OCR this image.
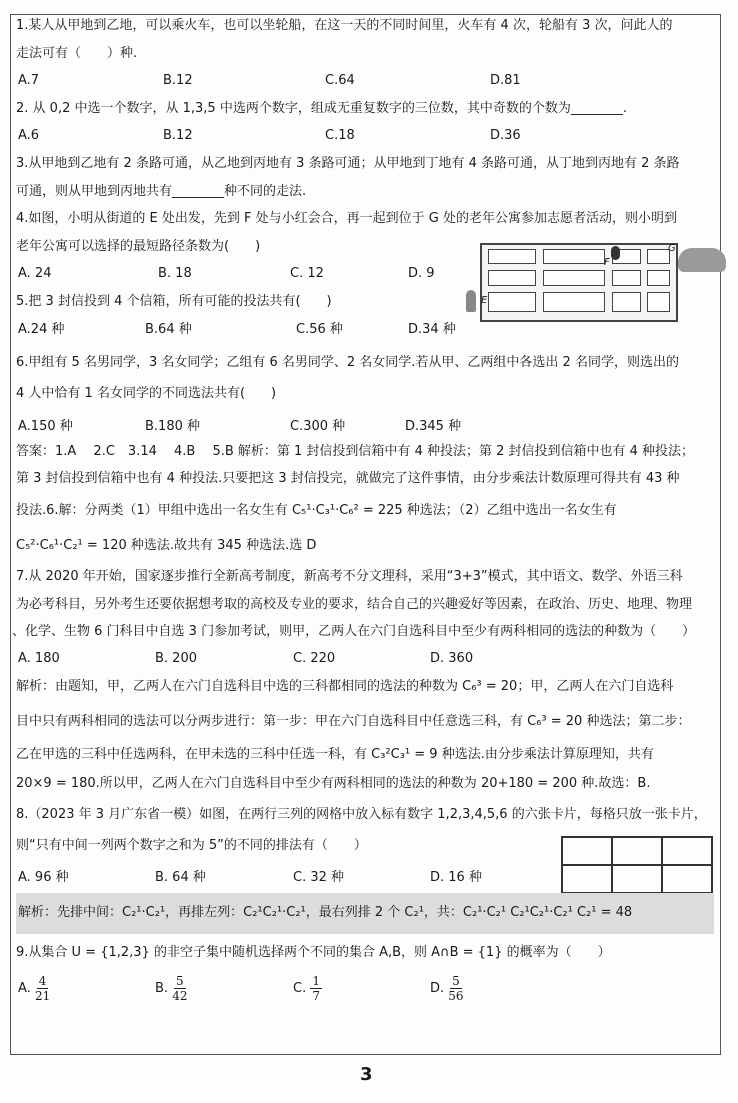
1.某人从甲地到乙地，可以乘火车，也可以坐轮船，在这一天的不同时间里，火车有 4 次，轮船有 3 次，问此人的
走法可有（　　）种.
A.7	B.12	C.64	D.81
2. 从 0,2 中选一个数字，从 1,3,5 中选两个数字，组成无重复数字的三位数，其中奇数的个数为________.
A.6	B.12	C.18	D.36
3.从甲地到乙地有 2 条路可通，从乙地到丙地有 3 条路可通；从甲地到丁地有 4 条路可通，从丁地到丙地有 2 条路
可通，则从甲地到丙地共有________种不同的走法.
4.如图，小明从街道的 E 处出发，先到 F 处与小红会合，再一起到位于 G 处的老年公寓参加志愿者活动，则小明到
老年公寓可以选择的最短路径条数为(　　)
A. 24	B. 18	C. 12	D. 9
F
G
E
5.把 3 封信投到 4 个信箱，所有可能的投法共有(　　)
A.24 种	B.64 种	C.56 种	D.34 种
6.甲组有 5 名男同学，3 名女同学；乙组有 6 名男同学、2 名女同学.若从甲、乙两组中各选出 2 名同学，则选出的
4 人中恰有 1 名女同学的不同选法共有(　　)
A.150 种	B.180 种	C.300 种	D.345 种
答案：1.A　 2.C　3.14　 4.B　 5.B 解析：第 1 封信投到信箱中有 4 种投法；第 2 封信投到信箱中也有 4 种投法；
第 3 封信投到信箱中也有 4 种投法.只要把这 3 封信投完，就做完了这件事情，由分步乘法计数原理可得共有 43 种
投法.6.解：分两类（1）甲组中选出一名女生有 C₅¹·C₃¹·C₆² = 225 种选法；（2）乙组中选出一名女生有
C₅²·C₆¹·C₂¹ = 120 种选法.故共有 345 种选法.选 D
7.从 2020 年开始，国家逐步推行全新高考制度，新高考不分文理科，采用“3+3”模式，其中语文、数学、外语三科
为必考科目，另外考生还要依据想考取的高校及专业的要求，结合自己的兴趣爱好等因素，在政治、历史、地理、物理
、化学、生物 6 门科目中自选 3 门参加考试，则甲，乙两人在六门自选科目中至少有两科相同的选法的种数为（　　）
A. 180	B. 200	C. 220	D. 360
解析：由题知，甲，乙两人在六门自选科目中选的三科都相同的选法的种数为 C₆³ = 20；甲，乙两人在六门自选科
目中只有两科相同的选法可以分两步进行：第一步：甲在六门自选科目中任意选三科，有 C₆³ = 20 种选法；第二步：
乙在甲选的三科中任选两科，在甲未选的三科中任选一科，有 C₃²C₃¹ = 9 种选法.由分步乘法计算原理知，共有
20×9 = 180.所以甲，乙两人在六门自选科目中至少有两科相同的选法的种数为 20+180 = 200 种.故选：B.
8.（2023 年 3 月广东省一模）如图，在两行三列的网格中放入标有数字 1,2,3,4,5,6 的六张卡片，每格只放一张卡片，
则“只有中间一列两个数字之和为 5”的不同的排法有（　　）
A. 96 种	B. 64 种	C. 32 种	D. 16 种
解析：先排中间：C₂¹·C₂¹，再排左列：C₂¹C₂¹·C₂¹，最右列排 2 个 C₂¹，共：C₂¹·C₂¹ C₂¹C₂¹·C₂¹ C₂¹ = 48
9.从集合 U = {1,2,3} 的非空子集中随机选择两个不同的集合 A,B，则 A∩B = {1} 的概率为（　　）
A. $\frac{4}{21}$	B. $\frac{5}{42}$	C. $\frac{1}{7}$	D. $\frac{5}{56}$
3
